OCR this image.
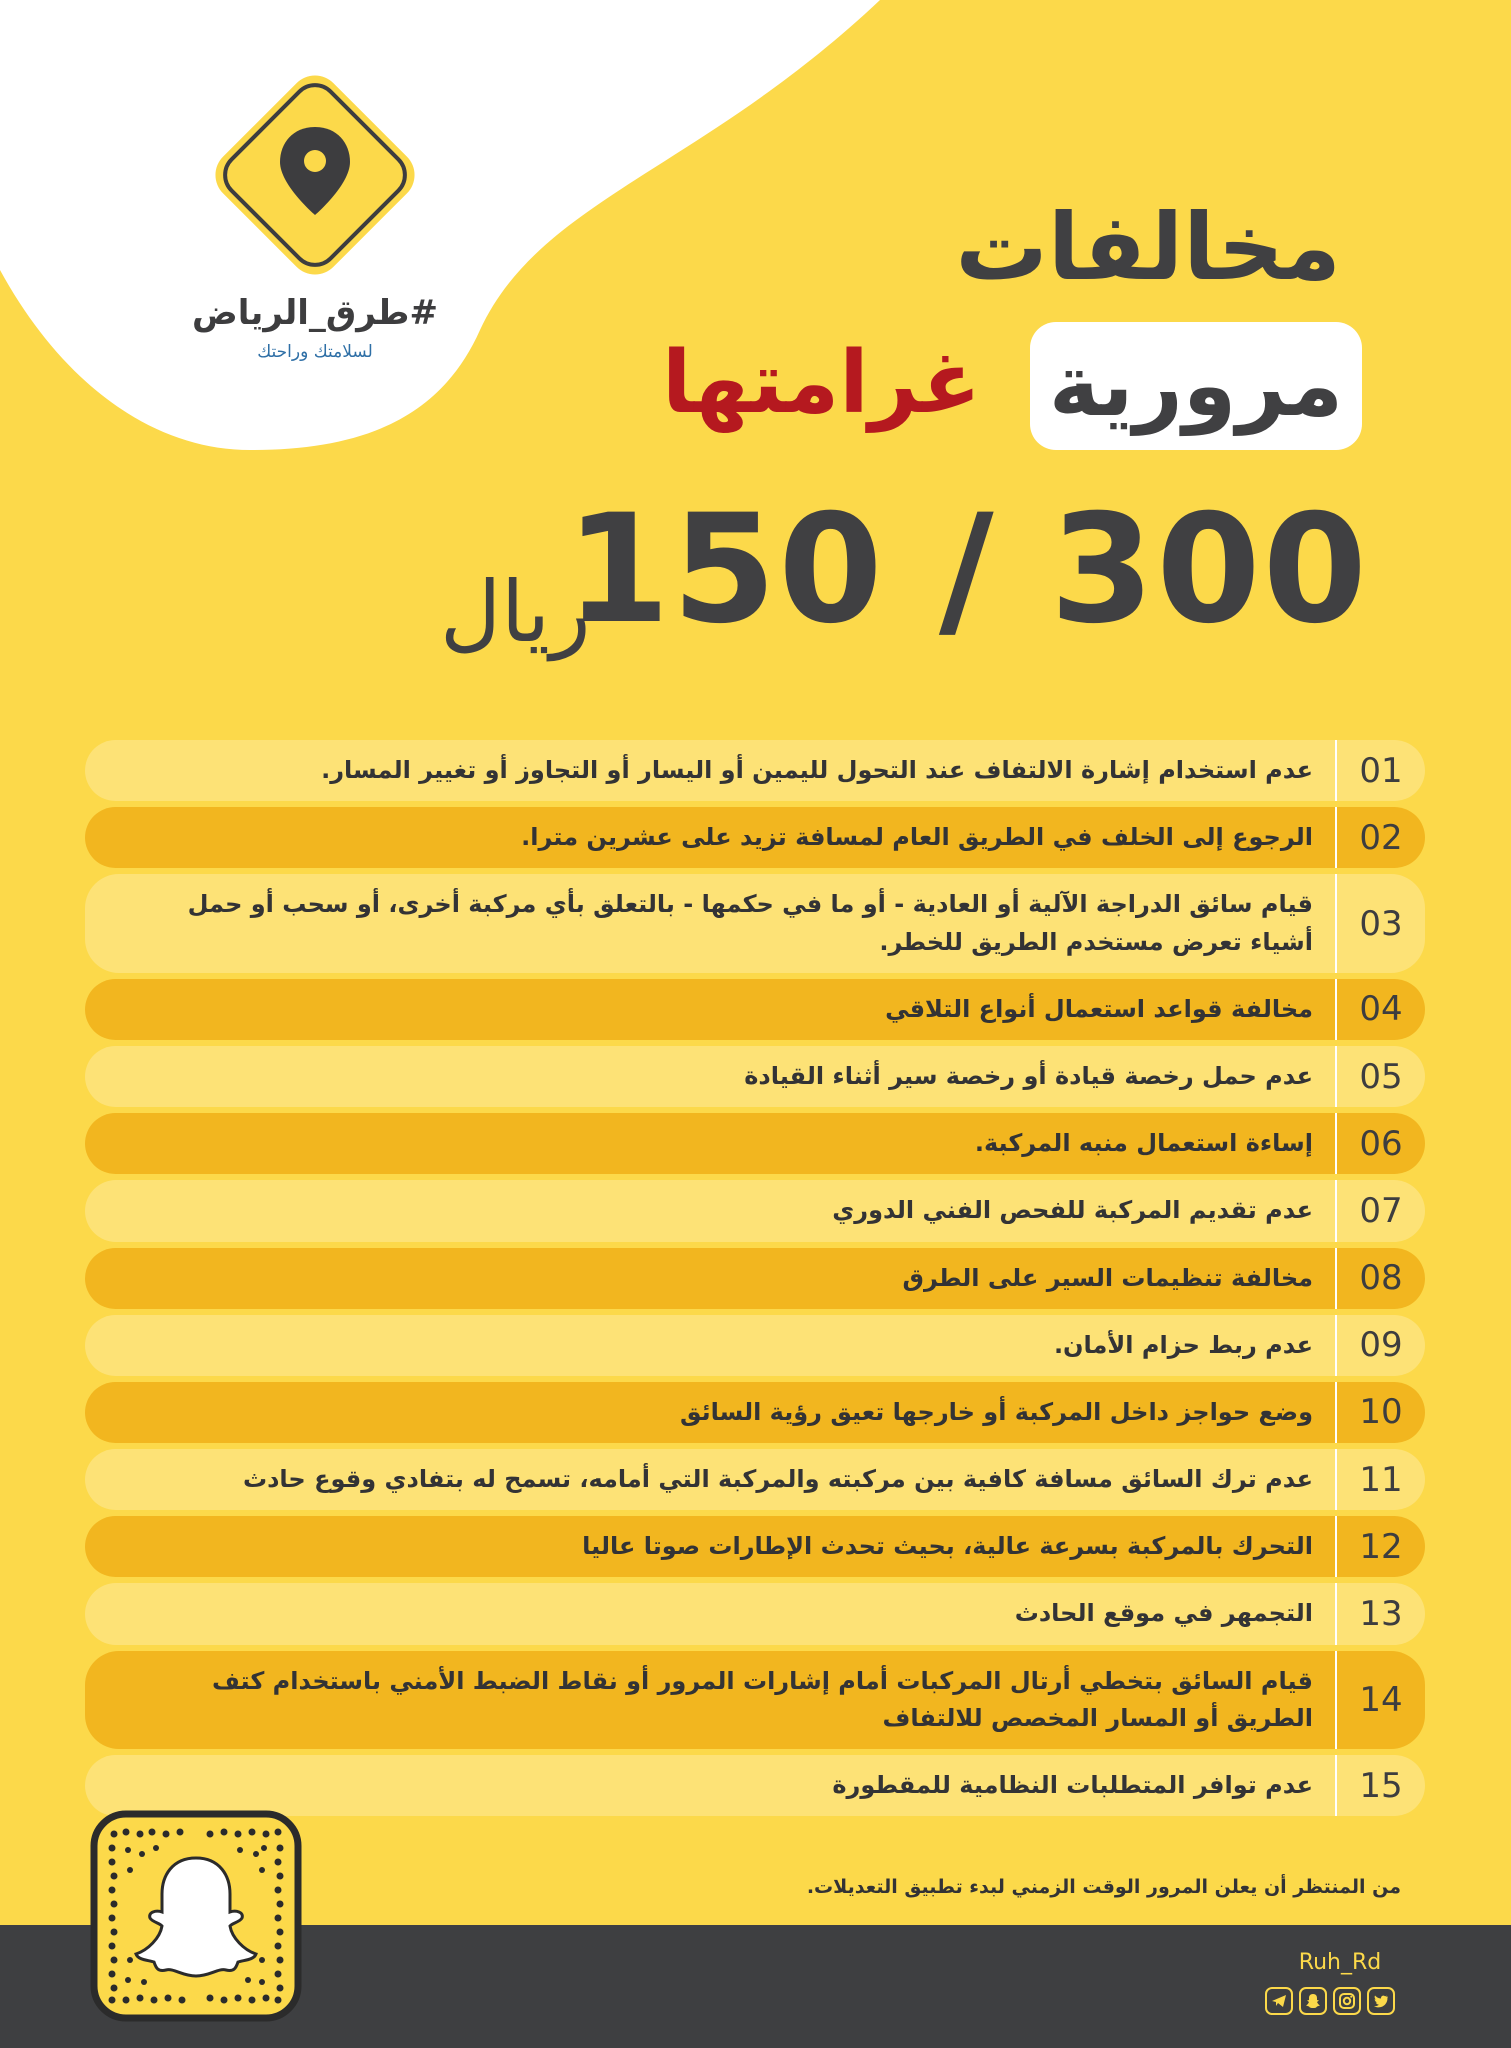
#طرق_الرياض
لسلامتك وراحتك
مخالفات
مرورية
غرامتها
150 / 300
ريال
01
عدم استخدام إشارة الالتفاف عند التحول لليمين أو اليسار أو التجاوز أو تغيير المسار.
02
الرجوع إلى الخلف في الطريق العام لمسافة تزيد على عشرين مترا.
03
قيام سائق الدراجة الآلية أو العادية - أو ما في حكمها - بالتعلق بأي مركبة أخرى، أو سحب أو حمل أشياء تعرض مستخدم الطريق للخطر.
04
مخالفة قواعد استعمال أنواع التلاقي
05
عدم حمل رخصة قيادة أو رخصة سير أثناء القيادة
06
إساءة استعمال منبه المركبة.
07
عدم تقديم المركبة للفحص الفني الدوري
08
مخالفة تنظيمات السير على الطرق
09
عدم ربط حزام الأمان.
10
وضع حواجز داخل المركبة أو خارجها تعيق رؤية السائق
11
عدم ترك السائق مسافة كافية بين مركبته والمركبة التي أمامه، تسمح له بتفادي وقوع حادث
12
التحرك بالمركبة بسرعة عالية، بحيث تحدث الإطارات صوتا عاليا
13
التجمهر في موقع الحادث
14
قيام السائق بتخطي أرتال المركبات أمام إشارات المرور أو نقاط الضبط الأمني باستخدام كتف الطريق أو المسار المخصص للالتفاف
15
عدم توافر المتطلبات النظامية للمقطورة
من المنتظر أن يعلن المرور الوقت الزمني لبدء تطبيق التعديلات.
Ruh_Rd
